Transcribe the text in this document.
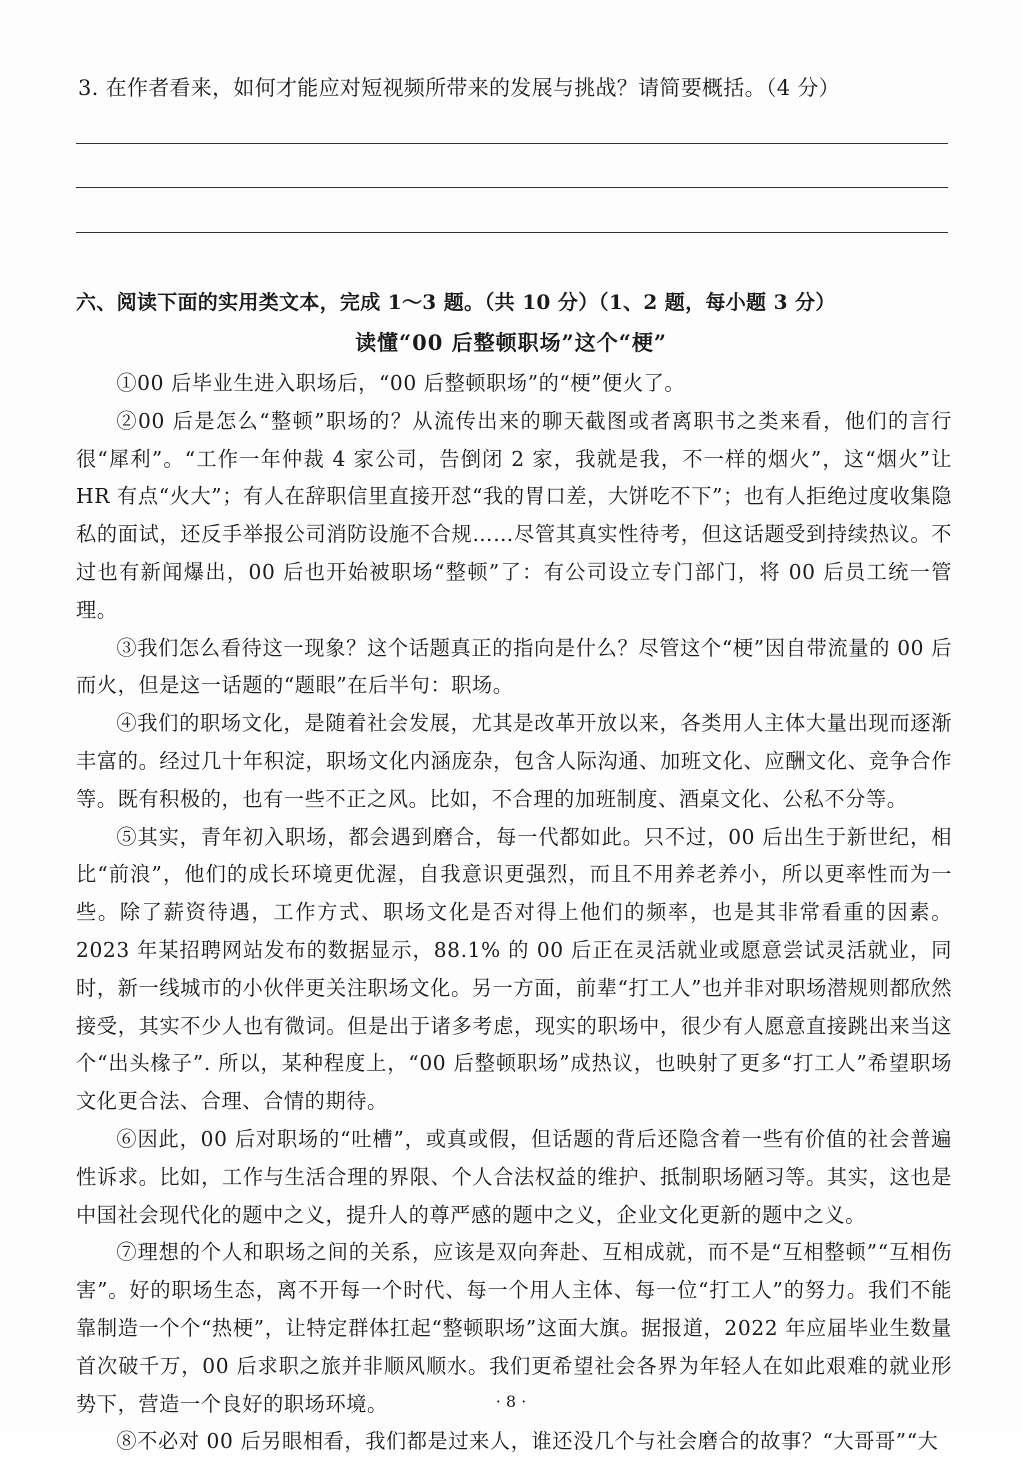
3. 在作者看来，如何才能应对短视频所带来的发展与挑战？请简要概括。（4 分）
六、阅读下面的实用类文本，完成 1～3 题。（共 10 分）（1、2 题，每小题 3 分）
读懂“00 后整顿职场”这个“梗”

①00 后毕业生进入职场后，“00 后整顿职场”的“梗”便火了。

②00 后是怎么“整顿”职场的？从流传出来的聊天截图或者离职书之类来看，他们的言行很“犀利”。“工作一年仲裁 4 家公司，告倒闭 2 家，我就是我，不一样的烟火”，这“烟火”让 HR 有点“火大”；有人在辞职信里直接开怼“我的胃口差，大饼吃不下”；也有人拒绝过度收集隐私的面试，还反手举报公司消防设施不合规……尽管其真实性待考，但这话题受到持续热议。不过也有新闻爆出，00 后也开始被职场“整顿”了：有公司设立专门部门，将 00 后员工统一管理。

③我们怎么看待这一现象？这个话题真正的指向是什么？尽管这个“梗”因自带流量的 00 后而火，但是这一话题的“题眼”在后半句：职场。

④我们的职场文化，是随着社会发展，尤其是改革开放以来，各类用人主体大量出现而逐渐丰富的。经过几十年积淀，职场文化内涵庞杂，包含人际沟通、加班文化、应酬文化、竞争合作等。既有积极的，也有一些不正之风。比如，不合理的加班制度、酒桌文化、公私不分等。

⑤其实，青年初入职场，都会遇到磨合，每一代都如此。只不过，00 后出生于新世纪，相比“前浪”，他们的成长环境更优渥，自我意识更强烈，而且不用养老养小，所以更率性而为一些。除了薪资待遇，工作方式、职场文化是否对得上他们的频率，也是其非常看重的因素。2023 年某招聘网站发布的数据显示，88.1% 的 00 后正在灵活就业或愿意尝试灵活就业，同时，新一线城市的小伙伴更关注职场文化。另一方面，前辈“打工人”也并非对职场潜规则都欣然接受，其实不少人也有微词。但是出于诸多考虑，现实的职场中，很少有人愿意直接跳出来当这个“出头椽子”. 所以，某种程度上，“00 后整顿职场”成热议，也映射了更多“打工人”希望职场文化更合法、合理、合情的期待。

⑥因此，00 后对职场的“吐槽”，或真或假，但话题的背后还隐含着一些有价值的社会普遍性诉求。比如，工作与生活合理的界限、个人合法权益的维护、抵制职场陋习等。其实，这也是中国社会现代化的题中之义，提升人的尊严感的题中之义，企业文化更新的题中之义。

⑦理想的个人和职场之间的关系，应该是双向奔赴、互相成就，而不是“互相整顿”“互相伤害”。好的职场生态，离不开每一个时代、每一个用人主体、每一位“打工人”的努力。我们不能靠制造一个个“热梗”，让特定群体扛起“整顿职场”这面大旗。据报道，2022 年应届毕业生数量首次破千万，00 后求职之旅并非顺风顺水。我们更希望社会各界为年轻人在如此艰难的就业形势下，营造一个良好的职场环境。

⑧不必对 00 后另眼相看，我们都是过来人，谁还没几个与社会磨合的故事？“大哥哥”“大

· 8 ·
